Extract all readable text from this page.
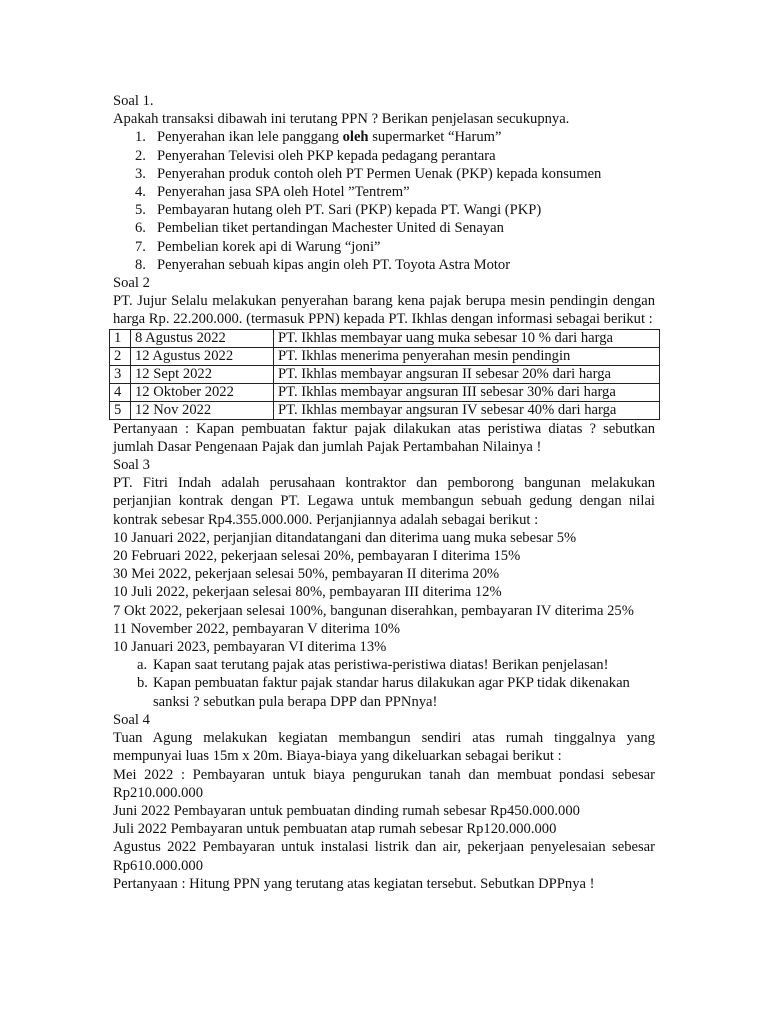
Soal 1.

Apakah transaksi dibawah ini terutang PPN ? Berikan penjelasan secukupnya.

1. Penyerahan ikan lele panggang oleh supermarket “Harum”
2. Penyerahan Televisi oleh PKP kepada pedagang perantara
3. Penyerahan produk contoh oleh PT Permen Uenak (PKP) kepada konsumen
4. Penyerahan jasa SPA oleh Hotel ”Tentrem”
5. Pembayaran hutang oleh PT. Sari (PKP) kepada PT. Wangi (PKP)
6. Pembelian tiket pertandingan Machester United di Senayan
7. Pembelian korek api di Warung “joni”
8. Penyerahan sebuah kipas angin oleh PT. Toyota Astra Motor

Soal 2

PT. Jujur Selalu melakukan penyerahan barang kena pajak berupa mesin pendingin dengan harga Rp. 22.200.000. (termasuk PPN) kepada PT. Ikhlas dengan informasi sebagai berikut :

1	8 Agustus 2022	PT. Ikhlas membayar uang muka sebesar 10 % dari harga
2	12 Agustus 2022	PT. Ikhlas menerima penyerahan mesin pendingin
3	12 Sept 2022	PT. Ikhlas membayar angsuran II sebesar 20% dari harga
4	12 Oktober 2022	PT. Ikhlas membayar angsuran III sebesar 30% dari harga
5	12 Nov 2022	PT. Ikhlas membayar angsuran IV sebesar 40% dari harga

Pertanyaan : Kapan pembuatan faktur pajak dilakukan atas peristiwa diatas ? sebutkan jumlah Dasar Pengenaan Pajak dan jumlah Pajak Pertambahan Nilainya !

Soal 3

PT. Fitri Indah adalah perusahaan kontraktor dan pemborong bangunan melakukan perjanjian kontrak dengan PT. Legawa untuk membangun sebuah gedung dengan nilai kontrak sebesar Rp4.355.000.000. Perjanjiannya adalah sebagai berikut :

10 Januari 2022, perjanjian ditandatangani dan diterima uang muka sebesar 5%

20 Februari 2022, pekerjaan selesai 20%, pembayaran I diterima 15%

30 Mei 2022, pekerjaan selesai 50%, pembayaran II diterima 20%

10 Juli 2022, pekerjaan selesai 80%, pembayaran III diterima 12%

7 Okt 2022, pekerjaan selesai 100%, bangunan diserahkan, pembayaran IV diterima 25%

11 November 2022, pembayaran V diterima 10%

10 Januari 2023, pembayaran VI diterima 13%

a. Kapan saat terutang pajak atas peristiwa-peristiwa diatas! Berikan penjelasan!
b. Kapan pembuatan faktur pajak standar harus dilakukan agar PKP tidak dikenakan sanksi ? sebutkan pula berapa DPP dan PPNnya!

Soal 4

Tuan Agung melakukan kegiatan membangun sendiri atas rumah tinggalnya yang mempunyai luas 15m x 20m. Biaya-biaya yang dikeluarkan sebagai berikut :

Mei 2022 : Pembayaran untuk biaya pengurukan tanah dan membuat pondasi sebesar Rp210.000.000

Juni 2022 Pembayaran untuk pembuatan dinding rumah sebesar Rp450.000.000

Juli 2022 Pembayaran untuk pembuatan atap rumah sebesar Rp120.000.000

Agustus 2022 Pembayaran untuk instalasi listrik dan air, pekerjaan penyelesaian sebesar Rp610.000.000

Pertanyaan : Hitung PPN yang terutang atas kegiatan tersebut. Sebutkan DPPnya !
